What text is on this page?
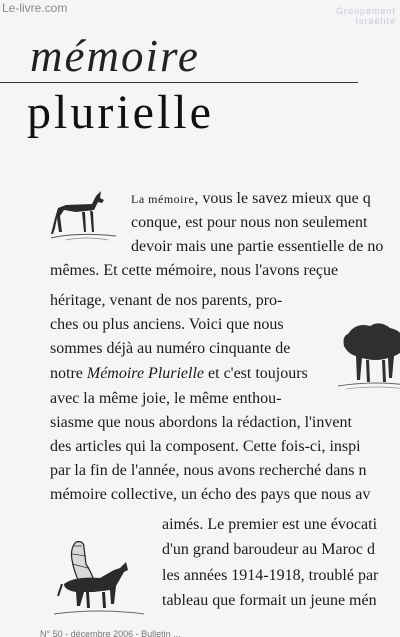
Le-livre.com	Groupement Israélite
mémoire
plurielle
La mémoire, vous le savez mieux que q
conque, est pour nous non seulement
devoir mais une partie essentielle de no
mêmes. Et cette mémoire, nous l'avons reçue
héritage, venant de nos parents, pro-
ches ou plus anciens. Voici que nous
sommes déjà au numéro cinquante de
notre Mémoire Plurielle et c'est toujours
avec la même joie, le même enthou-
siasme que nous abordons la rédaction, l'invent
des articles qui la composent. Cette fois-ci, inspi
par la fin de l'année, nous avons recherché dans n
mémoire collective, un écho des pays que nous av
aimés. Le premier est une évocati
d'un grand baroudeur au Maroc d
les années 1914-1918, troublé par
tableau que formait un jeune mén
N° 50 - décembre 2006 - Bulletin ...
